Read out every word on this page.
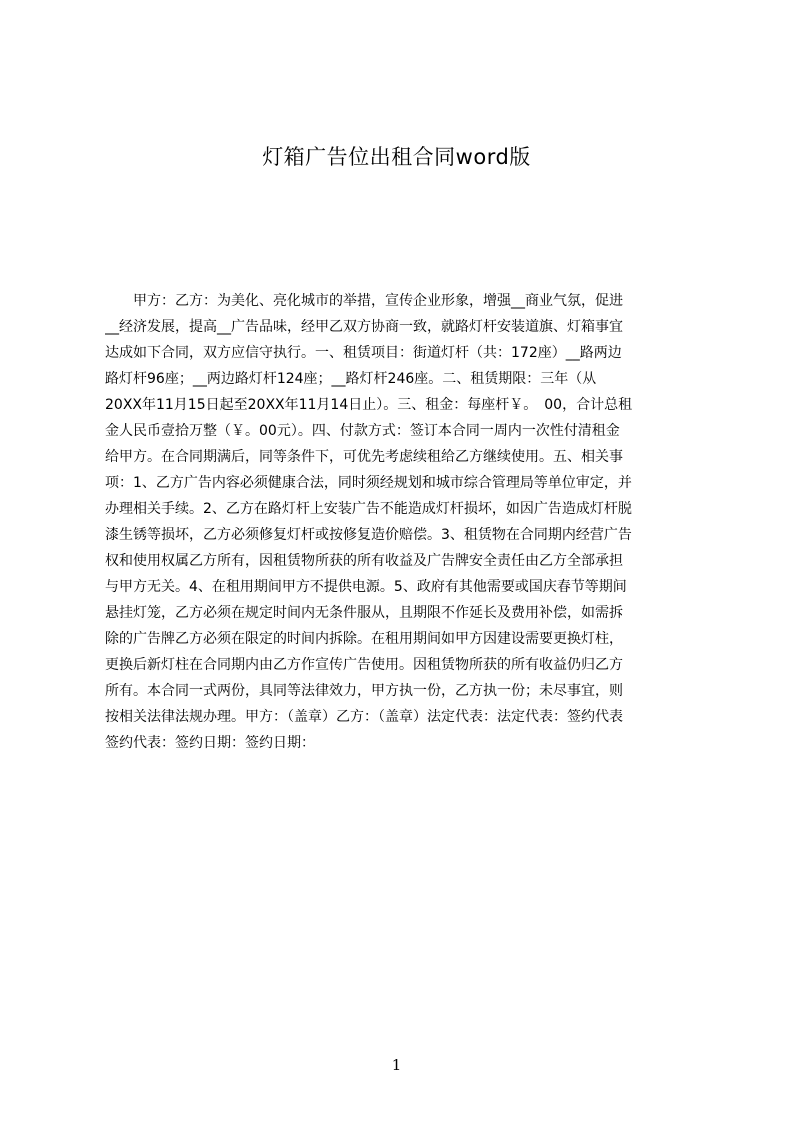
灯箱广告位出租合同word版
　　甲方：乙方：为美化、亮化城市的举措，宣传企业形象，增强__商业气氛，促进
__经济发展，提高__广告品味，经甲乙双方协商一致，就路灯杆安装道旗、灯箱事宜
达成如下合同，双方应信守执行。一、租赁项目：街道灯杆（共：172座）__路两边
路灯杆96座；__两边路灯杆124座；__路灯杆246座。二、租赁期限：三年（从
20XX年11月15日起至20XX年11月14日止）。三、租金：每座杆￥。　00，合计总租
金人民币壹拾万整（￥。00元）。四、付款方式：签订本合同一周内一次性付清租金
给甲方。在合同期满后，同等条件下，可优先考虑续租给乙方继续使用。五、相关事
项：1、乙方广告内容必须健康合法，同时须经规划和城市综合管理局等单位审定，并
办理相关手续。2、乙方在路灯杆上安装广告不能造成灯杆损坏，如因广告造成灯杆脱
漆生锈等损坏，乙方必须修复灯杆或按修复造价赔偿。3、租赁物在合同期内经营广告
权和使用权属乙方所有，因租赁物所获的所有收益及广告牌安全责任由乙方全部承担
与甲方无关。4、在租用期间甲方不提供电源。5、政府有其他需要或国庆春节等期间
悬挂灯笼，乙方必须在规定时间内无条件服从，且期限不作延长及费用补偿，如需拆
除的广告牌乙方必须在限定的时间内拆除。在租用期间如甲方因建设需要更换灯柱，
更换后新灯柱在合同期内由乙方作宣传广告使用。因租赁物所获的所有收益仍归乙方
所有。本合同一式两份，具同等法律效力，甲方执一份，乙方执一份；未尽事宜，则
按相关法律法规办理。甲方：（盖章）乙方：（盖章）法定代表：法定代表：签约代表
签约代表：签约日期：签约日期：
1
